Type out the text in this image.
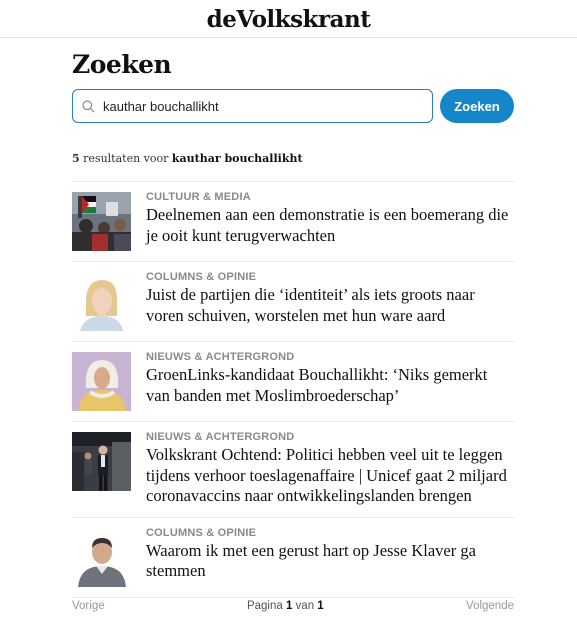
deVolkskrant
Zoeken
kauthar bouchallikht
Zoeken

5 resultaten voor kauthar bouchallikht

CULTUUR & MEDIA
Deelnemen aan een demonstratie is een boemerang die je ooit kunt terugverwachten
COLUMNS & OPINIE
Juist de partijen die ‘identiteit’ als iets groots naar voren schuiven, worstelen met hun ware aard
NIEUWS & ACHTERGROND
GroenLinks-kandidaat Bouchallikht: ‘Niks gemerkt van banden met Moslimbroederschap’
NIEUWS & ACHTERGROND
Volkskrant Ochtend: Politici hebben veel uit te leggen tijdens verhoor toeslagenaffaire | Unicef gaat 2 miljard coronavaccins naar ontwikkelingslanden brengen
COLUMNS & OPINIE
Waarom ik met een gerust hart op Jesse Klaver ga stemmen
Vorige	Pagina 1 van 1	Volgende
